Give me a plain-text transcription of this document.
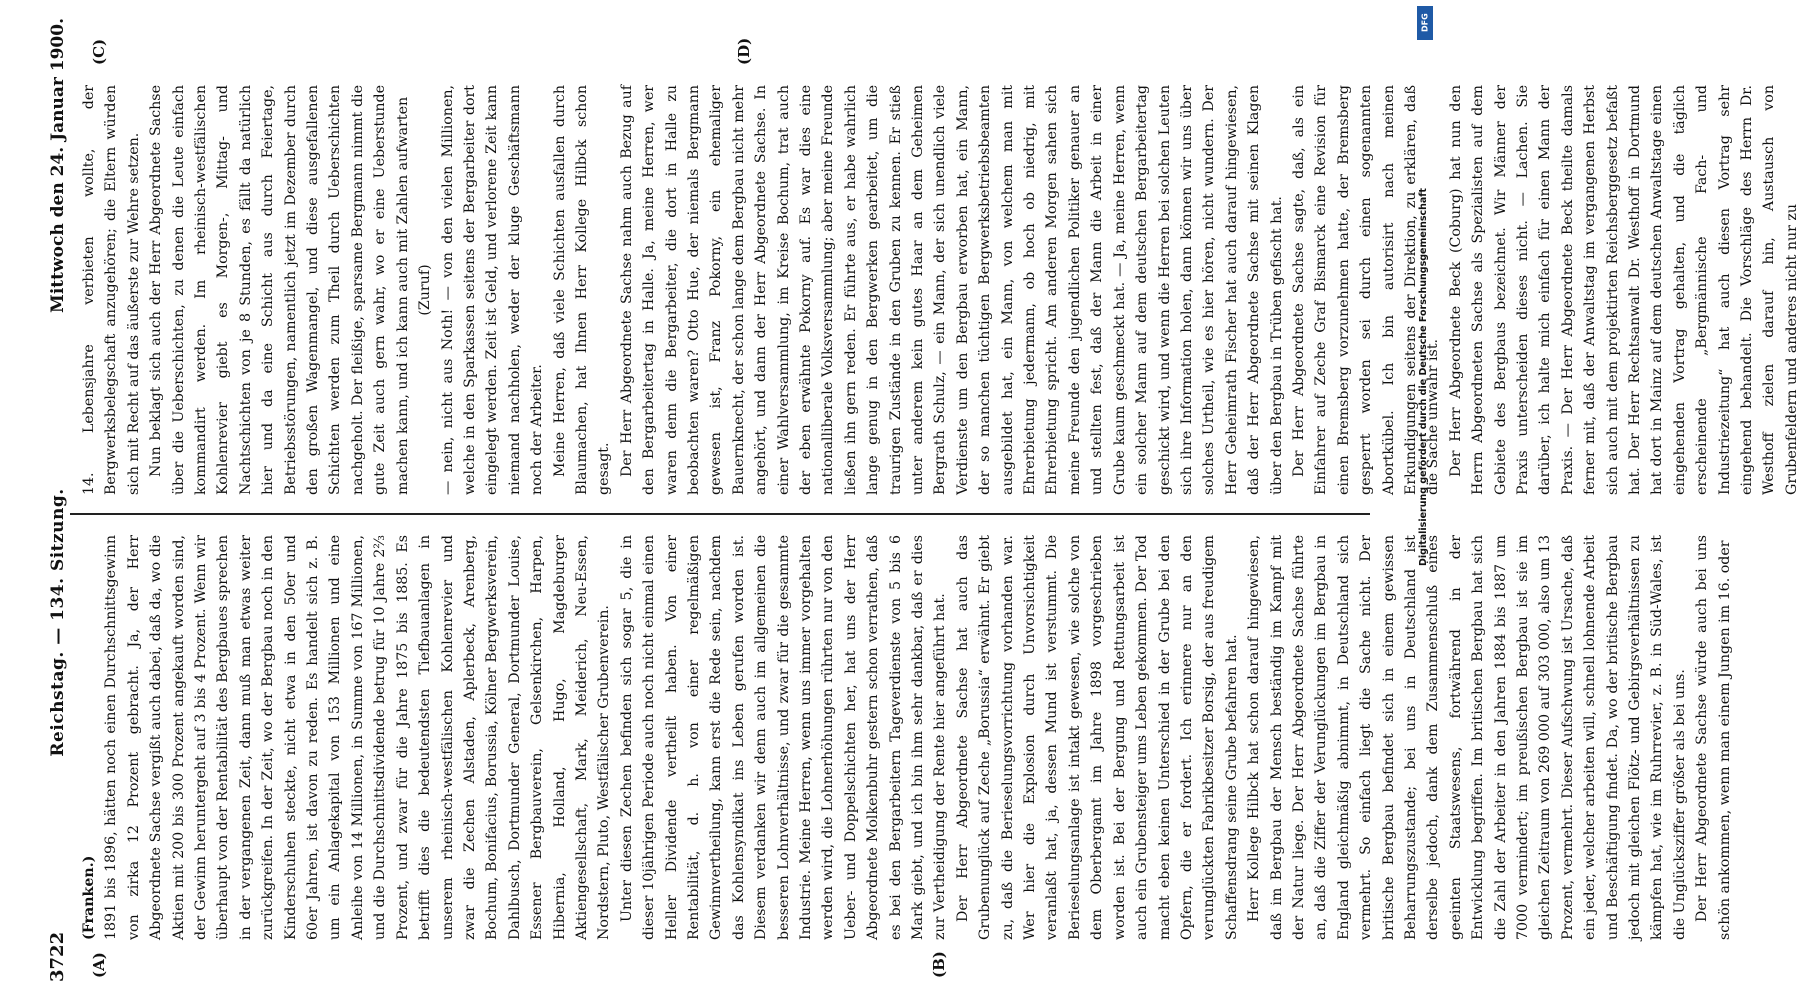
3722
Reichstag. — 134. Sitzung.
Mittwoch den 24. Januar 1900.
(A)	(B)
(C)	(D)

(Franken.) 1891 bis 1896, hätten noch einen Durchschnittsgewinn von zirka 12 Prozent gebracht. Ja, der Herr Abgeordnete Sachse vergißt auch dabei, daß da, wo die Aktien mit 200 bis 300 Prozent angekauft worden sind, der Gewinn heruntergeht auf 3 bis 4 Prozent. Wenn wir überhaupt von der Rentabilität des Bergbaues sprechen in der vergangenen Zeit, dann muß man etwas weiter zurückgreifen. In der Zeit, wo der Bergbau noch in den Kinderschuhen steckte, nicht etwa in den 50er und 60er Jahren, ist davon zu reden. Es handelt sich z. B. um ein Anlagekapital von 153 Millionen und eine Anleihe von 14 Millionen, in Summe von 167 Millionen, und die Durchschnittsdividende betrug für 10 Jahre 2⅔ Prozent, und zwar für die Jahre 1875 bis 1885. Es betrifft dies die bedeutendsten Tiefbauanlagen in unserem rheinisch-westfälischen Kohlenrevier und zwar die Zechen Alstaden, Aplerbeck, Arenberg, Bochum, Bonifacius, Borussia, Kölner Bergwerksverein, Dahlbusch, Dortmunder General, Dortmunder Louise, Essener Bergbauverein, Gelsenkirchen, Harpen, Hibernia, Holland, Hugo, Magdeburger Aktiengesellschaft, Mark, Meiderich, Neu-Essen, Nordstern, Pluto, Westfälischer Grubenverein. Unter diesen Zechen befinden sich sogar 5, die in dieser 10jährigen Periode auch noch nicht einmal einen Heller Dividende vertheilt haben. Von einer Rentabilität, d. h. von einer regelmäßigen Gewinnvertheilung, kann erst die Rede sein, nachdem das Kohlensyndikat ins Leben gerufen worden ist. Diesem verdanken wir denn auch im allgemeinen die besseren Lohnverhältnisse, und zwar für die gesammte Industrie. Meine Herren, wenn uns immer vorgehalten werden wird, die Lohnerhöhungen rührten nur von den Ueber- und Doppelschichten her, hat uns der Herr Abgeordnete Molkenbuhr gestern schon verrathen, daß es bei den Bergarbeitern Tageverdienste von 5 bis 6 Mark giebt, und ich bin ihm sehr dankbar, daß er dies zur Vertheidigung der Rente hier angeführt hat. Der Herr Abgeordnete Sachse hat auch das Grubenunglück auf Zeche „Borussia“ erwähnt. Er giebt zu, daß die Berieselungsvorrichtung vorhanden war. Wer hier die Explosion durch Unvorsichtigkeit veranlaßt hat, ja, dessen Mund ist verstummt. Die Berieselungsanlage ist intakt gewesen, wie solche von dem Oberbergamt im Jahre 1898 vorgeschrieben worden ist. Bei der Bergung und Rettungsarbeit ist auch ein Grubensteiger ums Leben gekommen. Der Tod macht eben keinen Unterschied in der Grube bei den Opfern, die er fordert. Ich erinnere nur an den verunglückten Fabrikbesitzer Borsig, der aus freudigem Schaffensdrang seine Grube befahren hat. Herr Kollege Hilbck hat schon darauf hingewiesen, daß im Bergbau der Mensch beständig im Kampf mit der Natur liege. Der Herr Abgeordnete Sachse führte an, daß die Ziffer der Verunglückungen im Bergbau in England gleichmäßig abnimmt, in Deutschland sich vermehrt. So einfach liegt die Sache nicht. Der britische Bergbau befindet sich in einem gewissen Beharrungszustande; bei uns in Deutschland ist derselbe jedoch, dank dem Zusammenschluß eines geeinten Staatswesens, fortwährend in der Entwicklung begriffen. Im britischen Bergbau hat sich die Zahl der Arbeiter in den Jahren 1884 bis 1887 um 7000 vermindert; im preußischen Bergbau ist sie im gleichen Zeitraum von 269 000 auf 303 000, also um 13 Prozent, vermehrt. Dieser Aufschwung ist Ursache, daß ein jeder, welcher arbeiten will, schnell lohnende Arbeit und Beschäftigung findet. Da, wo der britische Bergbau jedoch mit gleichen Flötz- und Gebirgsverhältnissen zu kämpfen hat, wie im Ruhrrevier, z. B. in Süd-Wales, ist die Unglücksziffer größer als bei uns. Der Herr Abgeordnete Sachse würde auch bei uns schön ankommen, wenn man einem Jungen im 16. oder

14. Lebensjahre verbieten wollte, der Bergwerksbelegschaft anzugehören; die Eltern würden sich mit Recht auf das äußerste zur Wehre setzen. Nun beklagt sich auch der Herr Abgeordnete Sachse über die Ueberschichten, zu denen die Leute einfach kommandirt werden. Im rheinisch-westfälischen Kohlenrevier giebt es Morgen-, Mittag- und Nachtschichten von je 8 Stunden, es fällt da natürlich hier und da eine Schicht aus durch Feiertage, Betriebsstörungen, namentlich jetzt im Dezember durch den großen Wagenmangel, und diese ausgefallenen Schichten werden zum Theil durch Ueberschichten nachgeholt. Der fleißige, sparsame Bergmann nimmt die gute Zeit auch gern wahr, wo er eine Ueberstunde machen kann, und ich kann auch mit Zahlen aufwarten (Zuruf) — nein, nicht aus Noth! — von den vielen Millionen, welche in den Sparkassen seitens der Bergarbeiter dort eingelegt werden. Zeit ist Geld, und verlorene Zeit kann niemand nachholen, weder der kluge Geschäftsmann noch der Arbeiter. Meine Herren, daß viele Schichten ausfallen durch Blaumachen, hat Ihnen Herr Kollege Hilbck schon gesagt. Der Herr Abgeordnete Sachse nahm auch Bezug auf den Bergarbeitertag in Halle. Ja, meine Herren, wer waren denn die Bergarbeiter, die dort in Halle zu beobachten waren? Otto Hue, der niemals Bergmann gewesen ist, Franz Pokorny, ein ehemaliger Bauernknecht, der schon lange dem Bergbau nicht mehr angehört, und dann der Herr Abgeordnete Sachse. In einer Wahlversammlung, im Kreise Bochum, trat auch der eben erwähnte Pokorny auf. Es war dies eine nationalliberale Volksversammlung; aber meine Freunde ließen ihn gern reden. Er führte aus, er habe wahrlich lange genug in den Bergwerken gearbeitet, um die traurigen Zustände in den Gruben zu kennen. Er stieß unter anderem kein gutes Haar an dem Geheimen Bergrath Schulz, — ein Mann, der sich unendlich viele Verdienste um den Bergbau erworben hat, ein Mann, der so manchen tüchtigen Bergwerksbetriebsbeamten ausgebildet hat, ein Mann, von welchem man mit Ehrerbietung jedermann, ob hoch ob niedrig, mit Ehrerbietung spricht. Am anderen Morgen sahen sich meine Freunde den jugendlichen Politiker genauer an und stellten fest, daß der Mann die Arbeit in einer Grube kaum geschmeckt hat. — Ja, meine Herren, wenn ein solcher Mann auf dem deutschen Bergarbeitertag geschickt wird, und wenn die Herren bei solchen Leuten sich ihre Information holen, dann können wir uns über solches Urtheil, wie es hier hören, nicht wundern. Der Herr Geheimrath Fischer hat auch darauf hingewiesen, daß der Herr Abgeordnete Sachse mit seinen Klagen über den Bergbau in Trüben gefischt hat. Der Herr Abgeordnete Sachse sagte, daß, als ein Einfahrer auf Zeche Graf Bismarck eine Revision für einen Bremsberg vorzunehmen hatte, der Bremsberg gesperrt worden sei durch einen sogenannten Abortkübel. Ich bin autorisirt nach meinen Erkundigungen seitens der Direktion, zu erklären, daß die Sache unwahr ist. Der Herr Abgeordnete Beck (Coburg) hat nun den Herrn Abgeordneten Sachse als Spezialisten auf dem Gebiete des Bergbaus bezeichnet. Wir Männer der Praxis unterscheiden dieses nicht. — Lachen. Sie darüber, ich halte mich einfach für einen Mann der Praxis. — Der Herr Abgeordnete Beck theilte damals ferner mit, daß der Anwaltstag im vergangenen Herbst sich auch mit dem projektirten Reichsberggesetz befaßt hat. Der Herr Rechtsanwalt Dr. Westhoff in Dortmund hat dort in Mainz auf dem deutschen Anwaltstage einen eingehenden Vortrag gehalten, und die täglich erscheinende „Bergmännische Fach- und Industriezeitung“ hat auch diesen Vortrag sehr eingehend behandelt. Die Vorschläge des Herrn Dr. Westhoff zielen darauf hin, Austausch von Grubenfeldern und anderes nicht nur zu

DFG
Digitalisierung gefördert durch die Deutsche Forschungsgemeinschaft
